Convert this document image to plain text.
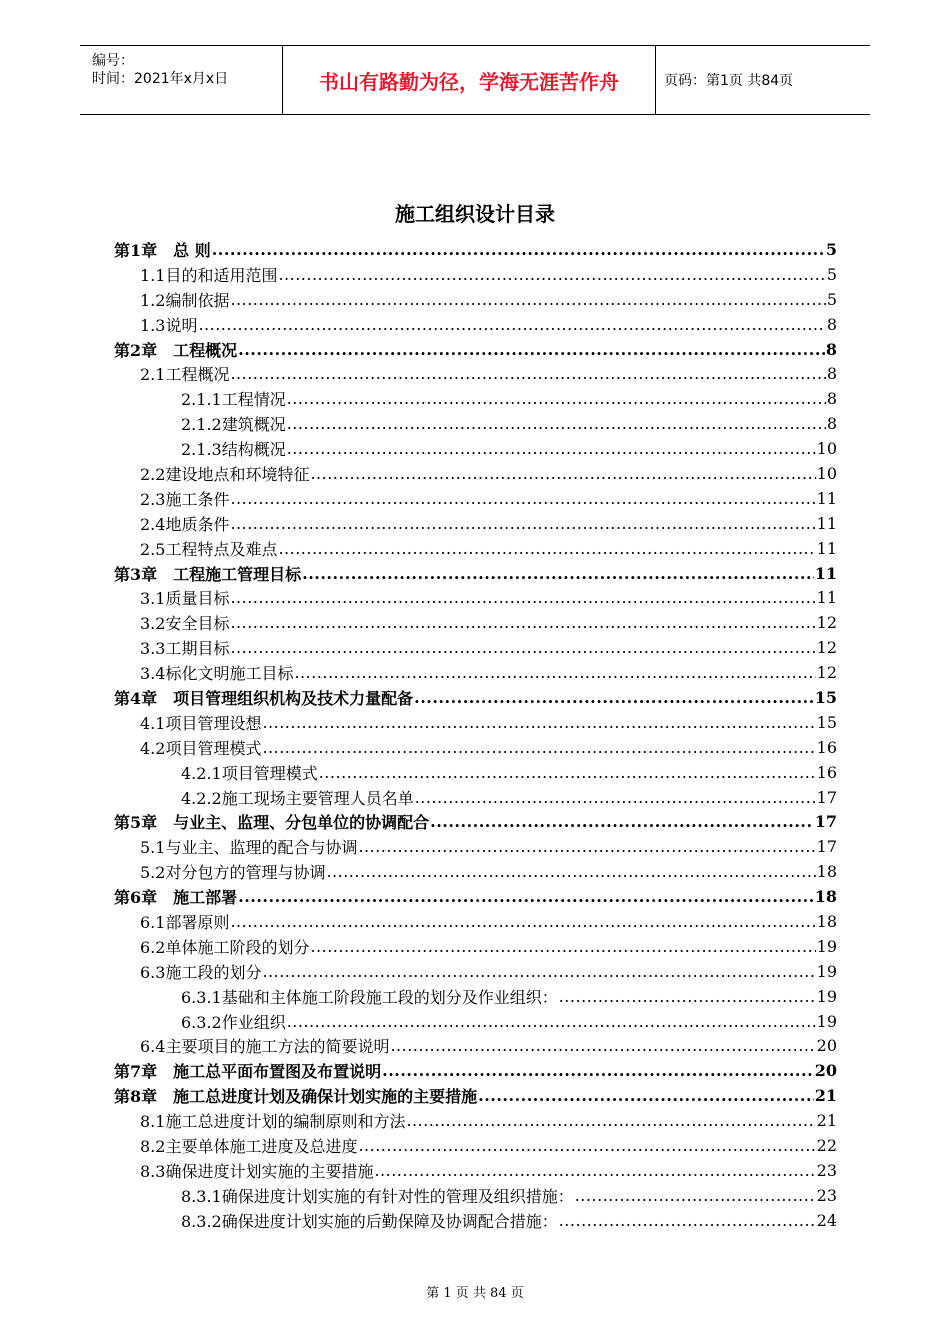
编号：
时间：2021年x月x日	书山有路勤为径，学海无涯苦作舟	页码：第1页 共84页
施工组织设计目录
第1章　总 则 .....	5
1.1目的和适用范围 .....	5
1.2编制依据 .....	5
1.3说明 .....	8
第2章　工程概况 .....	8
2.1工程概况 .....	8
2.1.1工程情况 .....	8
2.1.2建筑概况 .....	8
2.1.3结构概况 .....	10
2.2建设地点和环境特征 .....	10
2.3施工条件 .....	11
2.4地质条件 .....	11
2.5工程特点及难点 .....	11
第3章　工程施工管理目标 .....	11
3.1质量目标 .....	11
3.2安全目标 .....	12
3.3工期目标 .....	12
3.4标化文明施工目标 .....	12
第4章　项目管理组织机构及技术力量配备 .....	15
4.1项目管理设想 .....	15
4.2项目管理模式 .....	16
4.2.1项目管理模式 .....	16
4.2.2施工现场主要管理人员名单 .....	17
第5章　与业主、监理、分包单位的协调配合 .....	17
5.1与业主、监理的配合与协调 .....	17
5.2对分包方的管理与协调 .....	18
第6章　施工部署 .....	18
6.1部署原则 .....	18
6.2单体施工阶段的划分 .....	19
6.3施工段的划分 .....	19
6.3.1基础和主体施工阶段施工段的划分及作业组织： .....	19
6.3.2作业组织 .....	19
6.4主要项目的施工方法的简要说明 .....	20
第7章　施工总平面布置图及布置说明 .....	20
第8章　施工总进度计划及确保计划实施的主要措施 .....	21
8.1施工总进度计划的编制原则和方法 .....	21
8.2主要单体施工进度及总进度 .....	22
8.3确保进度计划实施的主要措施 .....	23
8.3.1确保进度计划实施的有针对性的管理及组织措施： .....	23
8.3.2确保进度计划实施的后勤保障及协调配合措施： .....	24
第 1 页 共 84 页
